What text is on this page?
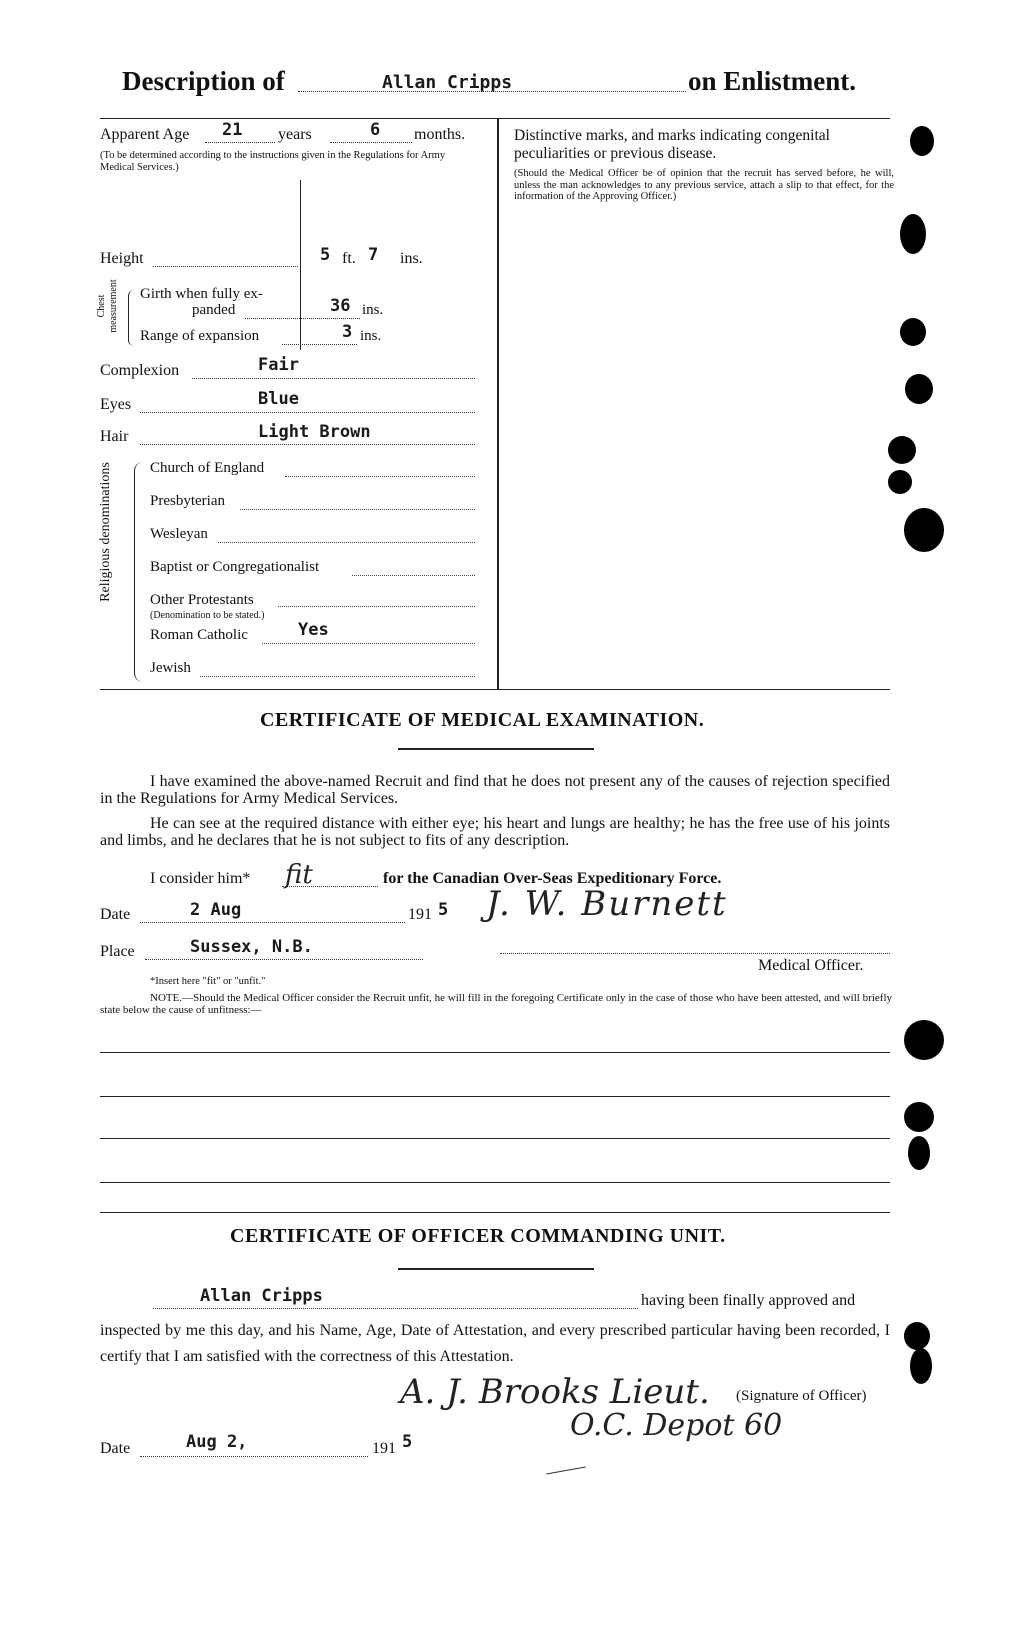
Description of	Allan Cripps	on Enlistment.
Apparent Age 21 years	6 months.
(To be determined according to the instructions given in the Regulations for Army Medical Services.)
Height	5 ft. 7 ins.
Chest measurement Girth when fully ex-
panded	36 ins.
Range of expansion	3 ins.
Complexion	Fair
Eyes	Blue
Hair	Light Brown
Religious denominations Church of England
Presbyterian
Wesleyan
Baptist or Congregationalist
Other Protestants
(Denomination to be stated.)
Roman Catholic	Yes
Jewish
Distinctive marks, and marks indicating congenital peculiarities or previous disease.
(Should the Medical Officer be of opinion that the recruit has served before, he will, unless the man acknowledges to any previous service, attach a slip to that effect, for the information of the Approving Officer.)
CERTIFICATE OF MEDICAL EXAMINATION.
I have examined the above-named Recruit and find that he does not present any of the causes of rejection specified in the Regulations for Army Medical Services.
He can see at the required distance with either eye; his heart and lungs are healthy; he has the free use of his joints and limbs, and he declares that he is not subject to fits of any description.
I consider him* fit	for the Canadian Over-Seas Expeditionary Force.
Date	2 Aug	191 5 J. W. Burnett
Place	Sussex, N.B.
Medical Officer.
*Insert here "fit" or "unfit."
NOTE.—Should the Medical Officer consider the Recruit unfit, he will fill in the foregoing Certificate only in the case of those who have been attested, and will briefly state below the cause of unfitness:—
CERTIFICATE OF OFFICER COMMANDING UNIT.
Allan Cripps	having been finally approved and
inspected by me this day, and his Name, Age, Date of Attestation, and every prescribed particular having been recorded, I certify that I am satisfied with the correctness of this Attestation.
A. J. Brooks Lieut. (Signature of Officer)
O.C. Depot 60
Date	Aug 2,	191 5
